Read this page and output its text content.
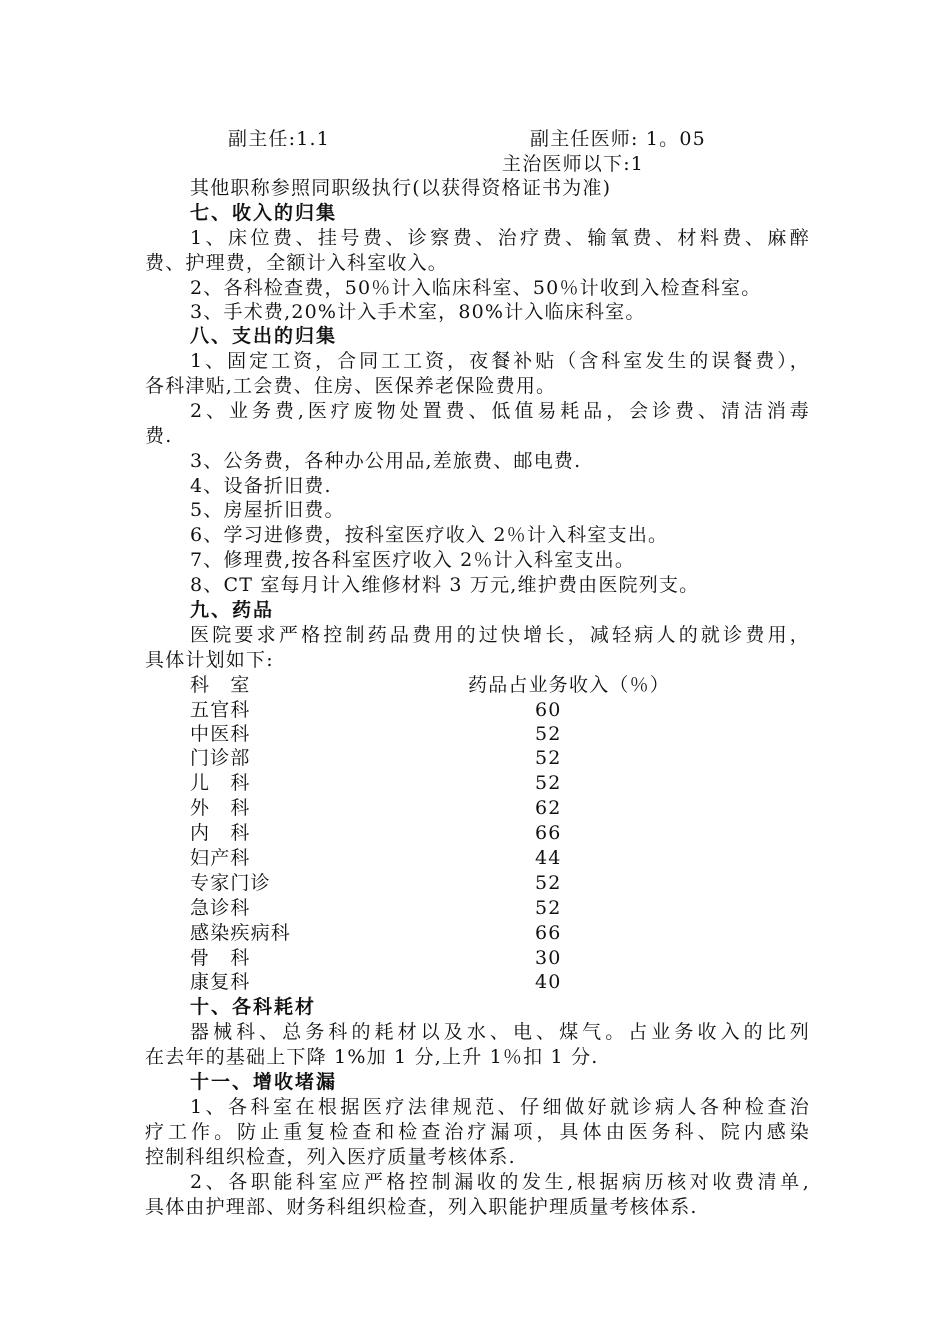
副主任:1.1	副主任医师: 1。05
主治医师以下:1
其他职称参照同职级执行(以获得资格证书为准)
七、收入的归集
1、床位费、挂号费、诊察费、治疗费、输氧费、材料费、麻醉
费、护理费，全额计入科室收入。
2、各科检查费，50％计入临床科室、50％计收到入检查科室。
3、手术费,20%计入手术室，80%计入临床科室。
八、支出的归集
1、固定工资，合同工工资，夜餐补贴（含科室发生的误餐费），
各科津贴,工会费、住房、医保养老保险费用。
2、业务费,医疗废物处置费、低值易耗品，会诊费、清洁消毒
费.
3、公务费，各种办公用品,差旅费、邮电费.
4、设备折旧费.
5、房屋折旧费。
6、学习进修费，按科室医疗收入 2％计入科室支出。
7、修理费,按各科室医疗收入 2％计入科室支出。
8、CT 室每月计入维修材料 3 万元,维护费由医院列支。
九、药品
医院要求严格控制药品费用的过快增长，减轻病人的就诊费用，
具体计划如下:
科　室	药品占业务收入（％）
五官科	60
中医科	52
门诊部	52
儿　科	52
外　科	62
内　科	66
妇产科	44
专家门诊	52
急诊科	52
感染疾病科	66
骨　科	30
康复科	40
十、各科耗材
器械科、总务科的耗材以及水、电、煤气。占业务收入的比列
在去年的基础上下降 1%加 1 分,上升 1％扣 1 分.
十一、增收堵漏
1、各科室在根据医疗法律规范、仔细做好就诊病人各种检查治
疗工作。防止重复检查和检查治疗漏项，具体由医务科、院内感染
控制科组织检查，列入医疗质量考核体系.
2、各职能科室应严格控制漏收的发生,根据病历核对收费清单,
具体由护理部、财务科组织检查，列入职能护理质量考核体系.
